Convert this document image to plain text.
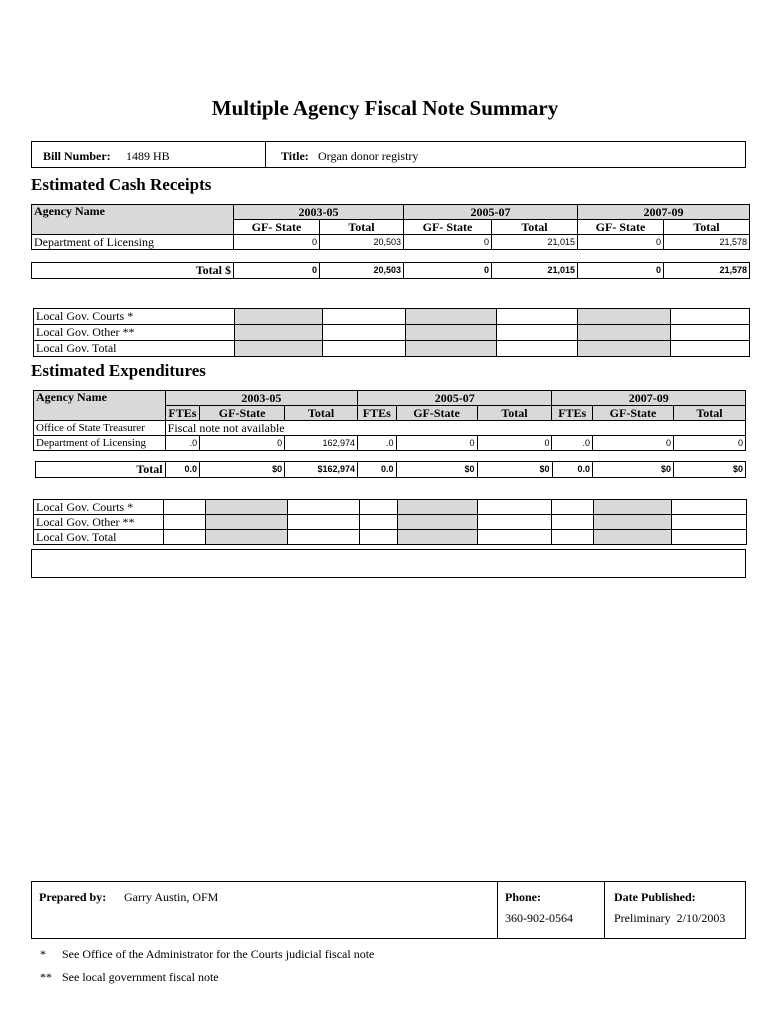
Multiple Agency Fiscal Note Summary
Bill Number: 1489 HB	Title: Organ donor registry
Estimated Cash Receipts
Agency Name	2003-05		2005-07		2007-09	
	GF- State	Total	GF- State	Total	GF- State	Total
Department of Licensing	0	20,503	0	21,015	0	21,578
Total $	0	20,503	0	21,015	0	21,578
Local Gov. Courts *						
Local Gov. Other **						
Local Gov. Total						
Estimated Expenditures
Agency Name	2003-05			2005-07			2007-09		
	FTEs	GF-State	Total	FTEs	GF-State	Total	FTEs	GF-State	Total
Office of State Treasurer	Fiscal note not available								
Department of Licensing	.0	0	162,974	.0	0	0	.0	0	0
Total	0.0	$0	$162,974	0.0	$0	$0	0.0	$0	$0
Local Gov. Courts *									
Local Gov. Other **									
Local Gov. Total									
Prepared by: Garry Austin, OFM	Phone:
360-902-0564
Date Published:
Preliminary  2/10/2003
* See Office of the Administrator for the Courts judicial fiscal note
** See local government fiscal note
